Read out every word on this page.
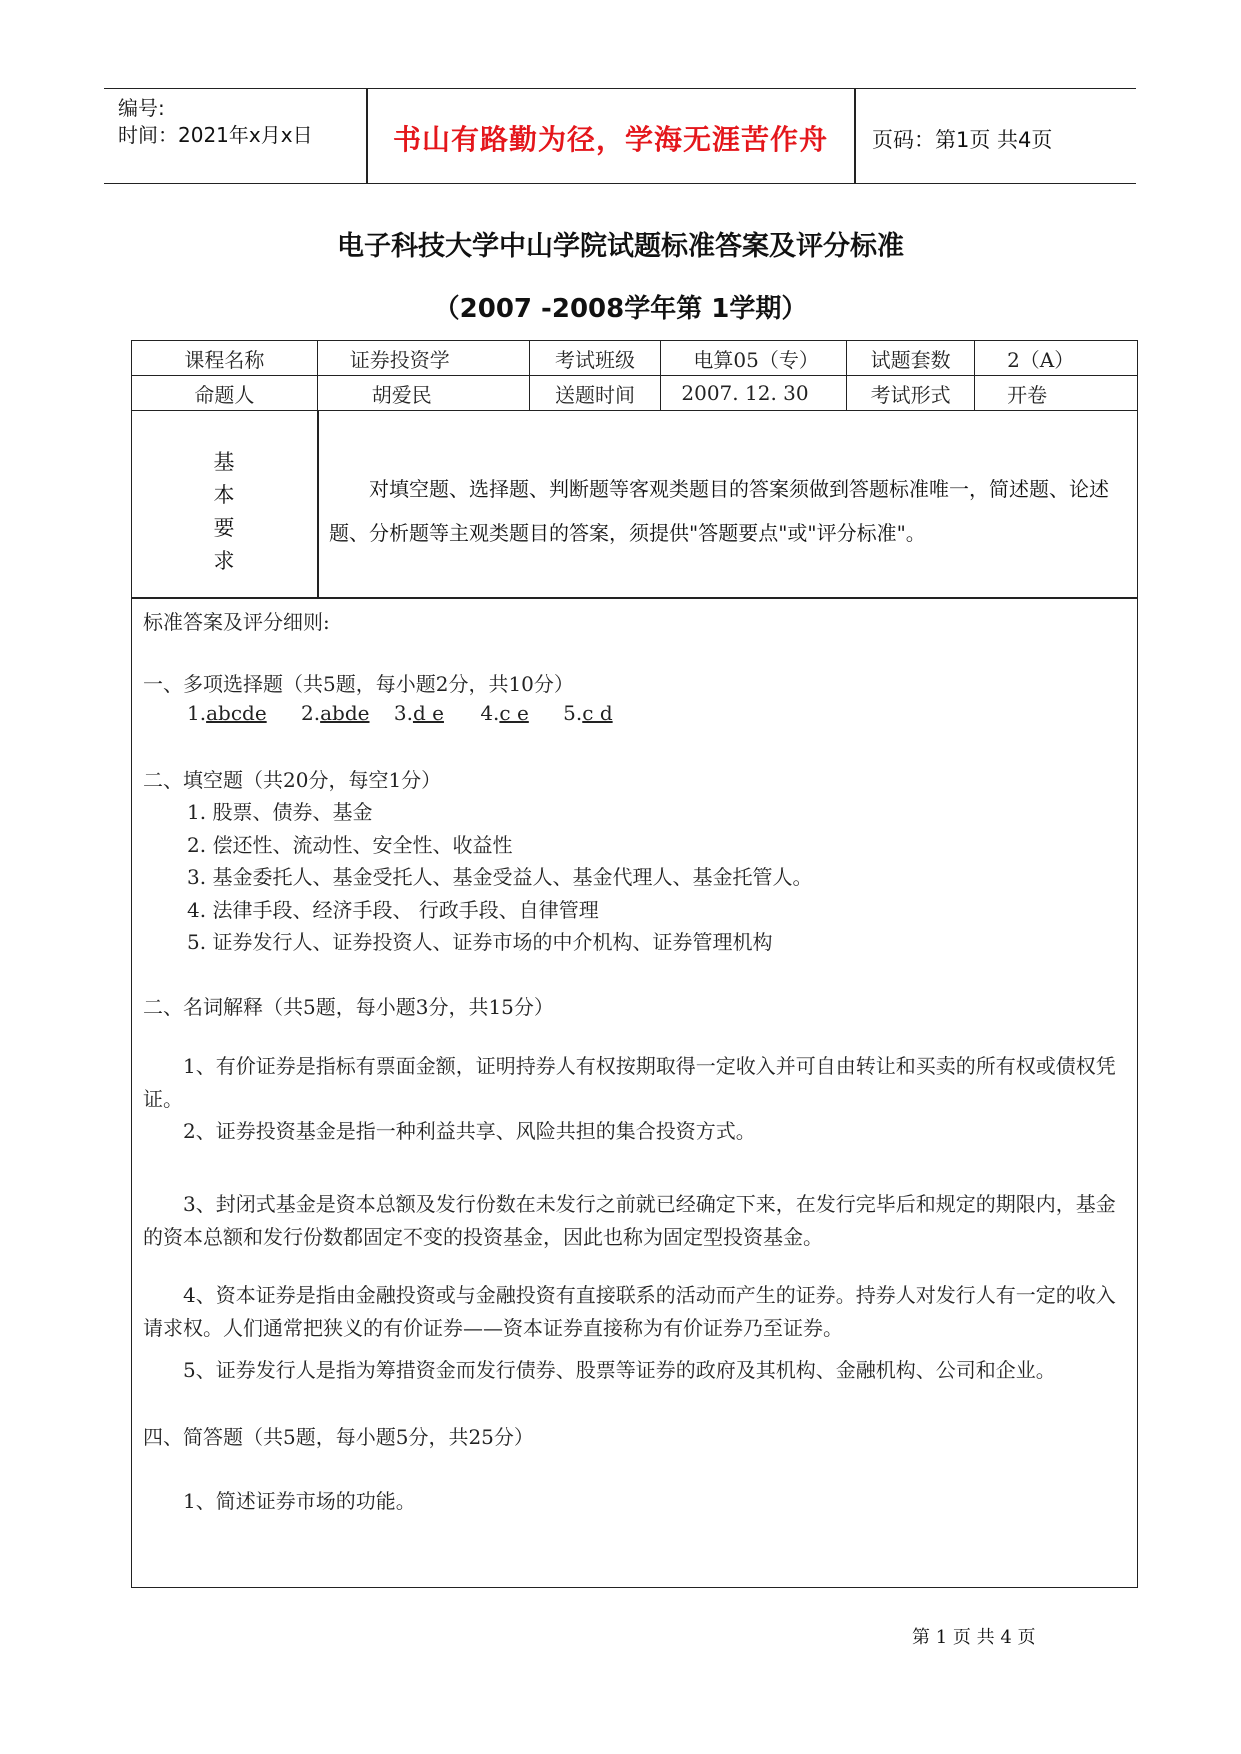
编号:
时间：2021年x月x日	书山有路勤为径，学海无涯苦作舟	页码：第1页 共4页
电子科技大学中山学院试题标准答案及评分标准
（2007 -2008学年第 1学期）
课程名称	证券投资学	考试班级	电算05（专）	试题套数	2（A）
命题人	胡爱民	送题时间	2007. 12. 30	考试形式	开卷
基
本
要
求
对填空题、选择题、判断题等客观类题目的答案须做到答题标准唯一，简述题、论述题、分析题等主观类题目的答案，须提供"答题要点"或"评分标准"。
标准答案及评分细则:
一、多项选择题（共5题，每小题2分，共10分）
1.abcde 2.abde 3.d e 4.c e 5.c d
二、填空题（共20分，每空1分）
1. 股票、债券、基金
2. 偿还性、流动性、安全性、收益性
3. 基金委托人、基金受托人、基金受益人、基金代理人、基金托管人。
4. 法律手段、经济手段、 行政手段、自律管理
5. 证券发行人、证券投资人、证券市场的中介机构、证券管理机构
二、名词解释（共5题，每小题3分，共15分）
1、有价证券是指标有票面金额，证明持券人有权按期取得一定收入并可自由转让和买卖的所有权或债权凭证。
2、证券投资基金是指一种利益共享、风险共担的集合投资方式。
3、封闭式基金是资本总额及发行份数在未发行之前就已经确定下来，在发行完毕后和规定的期限内，基金的资本总额和发行份数都固定不变的投资基金，因此也称为固定型投资基金。
4、资本证券是指由金融投资或与金融投资有直接联系的活动而产生的证券。持券人对发行人有一定的收入请求权。人们通常把狭义的有价证券——资本证券直接称为有价证券乃至证券。
5、证券发行人是指为筹措资金而发行债券、股票等证券的政府及其机构、金融机构、公司和企业。
四、简答题（共5题，每小题5分，共25分）
1、简述证券市场的功能。
第 1 页 共 4 页
